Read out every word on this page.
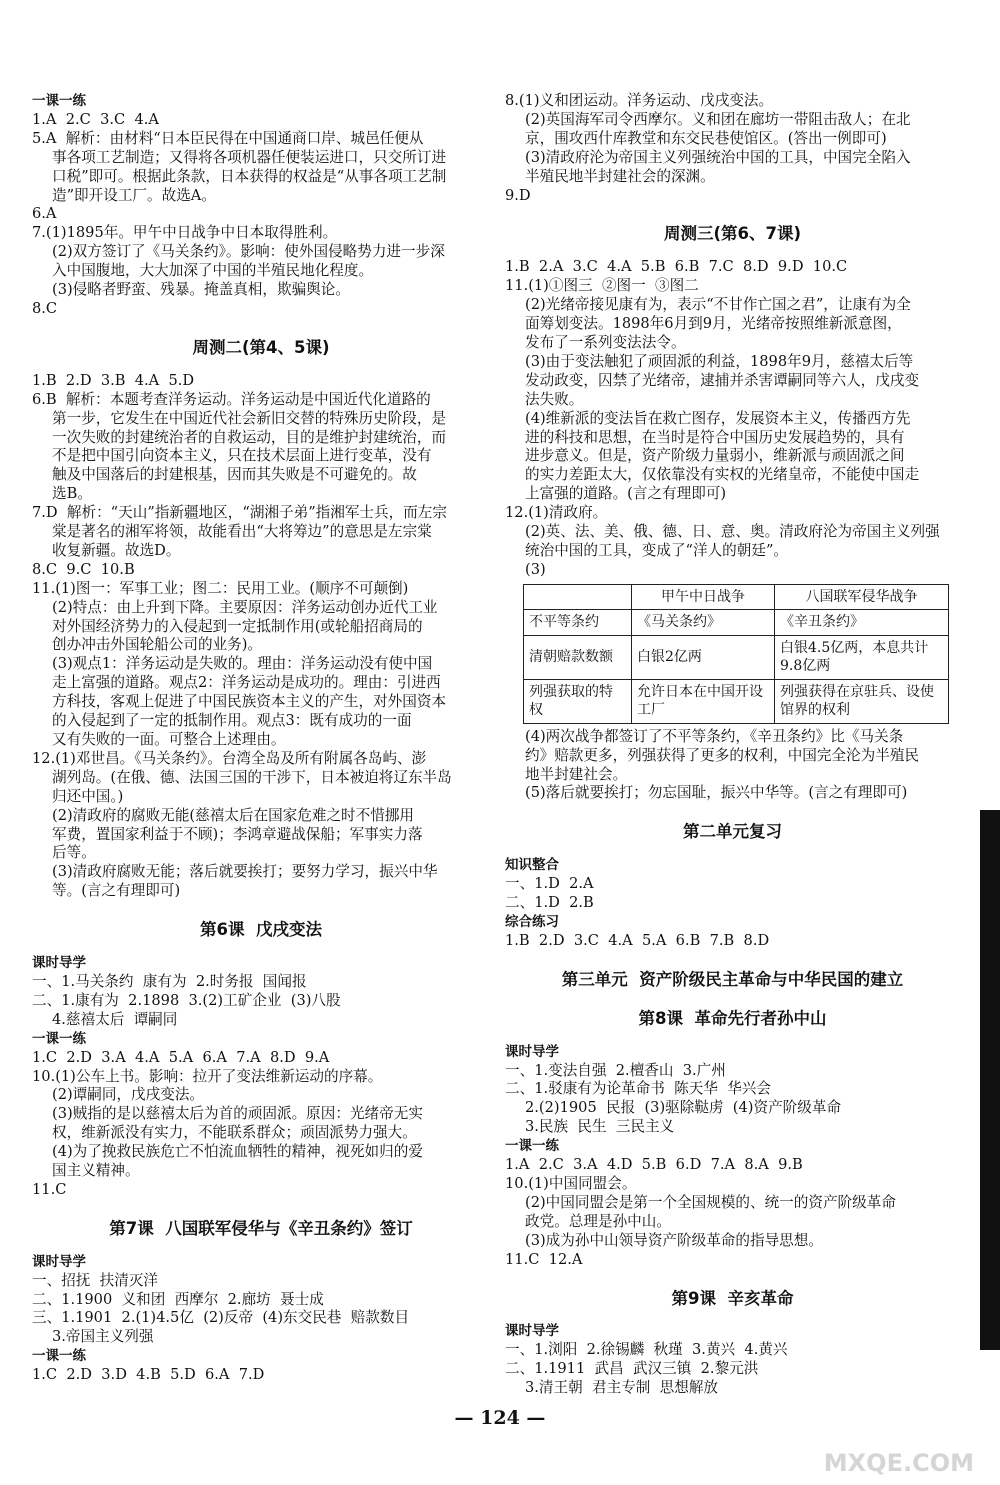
一课一练

1.A  2.C  3.C  4.A

5.A  解析：由材料“日本臣民得在中国通商口岸、城邑任便从

事各项工艺制造；又得将各项机器任便装运进口，只交所订进

口税”即可。根据此条款，日本获得的权益是“从事各项工艺制

造”即开设工厂。故选A。

6.A

7.(1)1895年。甲午中日战争中日本取得胜利。

(2)双方签订了《马关条约》。影响：使外国侵略势力进一步深

入中国腹地，大大加深了中国的半殖民地化程度。

(3)侵略者野蛮、残暴。掩盖真相，欺骗舆论。

8.C

周测二(第4、5课)

1.B  2.D  3.B  4.A  5.D

6.B  解析：本题考查洋务运动。洋务运动是中国近代化道路的

第一步，它发生在中国近代社会新旧交替的特殊历史阶段，是

一次失败的封建统治者的自救运动，目的是维护封建统治，而

不是把中国引向资本主义，只在技术层面上进行变革，没有

触及中国落后的封建根基，因而其失败是不可避免的。故

选B。

7.D  解析：“天山”指新疆地区，“湖湘子弟”指湘军士兵，而左宗

棠是著名的湘军将领，故能看出“大将筹边”的意思是左宗棠

收复新疆。故选D。

8.C  9.C  10.B

11.(1)图一：军事工业；图二：民用工业。(顺序不可颠倒)

(2)特点：由上升到下降。主要原因：洋务运动创办近代工业

对外国经济势力的入侵起到一定抵制作用(或轮船招商局的

创办冲击外国轮船公司的业务)。

(3)观点1：洋务运动是失败的。理由：洋务运动没有使中国

走上富强的道路。观点2：洋务运动是成功的。理由：引进西

方科技，客观上促进了中国民族资本主义的产生，对外国资本

的入侵起到了一定的抵制作用。观点3：既有成功的一面

又有失败的一面。可整合上述理由。

12.(1)邓世昌。《马关条约》。台湾全岛及所有附属各岛屿、澎

湖列岛。(在俄、德、法国三国的干涉下，日本被迫将辽东半岛

归还中国。)

(2)清政府的腐败无能(慈禧太后在国家危难之时不惜挪用

军费，置国家利益于不顾)；李鸿章避战保船；军事实力落

后等。

(3)清政府腐败无能；落后就要挨打；要努力学习，振兴中华

等。(言之有理即可)

第6课  戊戌变法

课时导学

一、1.马关条约  康有为  2.时务报  国闻报

二、1.康有为  2.1898  3.(2)工矿企业  (3)八股

4.慈禧太后  谭嗣同

一课一练

1.C  2.D  3.A  4.A  5.A  6.A  7.A  8.D  9.A

10.(1)公车上书。影响：拉开了变法维新运动的序幕。

(2)谭嗣同，戊戌变法。

(3)贼指的是以慈禧太后为首的顽固派。原因：光绪帝无实

权，维新派没有实力，不能联系群众；顽固派势力强大。

(4)为了挽救民族危亡不怕流血牺牲的精神，视死如归的爱

国主义精神。

11.C

第7课  八国联军侵华与《辛丑条约》签订

课时导学

一、招抚  扶清灭洋

二、1.1900  义和团  西摩尔  2.廊坊  聂士成

三、1.1901  2.(1)4.5亿  (2)反帝  (4)东交民巷  赔款数目

3.帝国主义列强

一课一练

1.C  2.D  3.D  4.B  5.D  6.A  7.D

8.(1)义和团运动。洋务运动、戊戌变法。

(2)英国海军司令西摩尔。义和团在廊坊一带阻击敌人；在北

京，围攻西什库教堂和东交民巷使馆区。(答出一例即可)

(3)清政府沦为帝国主义列强统治中国的工具，中国完全陷入

半殖民地半封建社会的深渊。

9.D

周测三(第6、7课)

1.B  2.A  3.C  4.A  5.B  6.B  7.C  8.D  9.D  10.C

11.(1)①图三  ②图一  ③图二

(2)光绪帝接见康有为，表示“不甘作亡国之君”，让康有为全

面筹划变法。1898年6月到9月，光绪帝按照维新派意图，

发布了一系列变法法令。

(3)由于变法触犯了顽固派的利益，1898年9月，慈禧太后等

发动政变，囚禁了光绪帝，逮捕并杀害谭嗣同等六人，戊戌变

法失败。

(4)维新派的变法旨在救亡图存，发展资本主义，传播西方先

进的科技和思想，在当时是符合中国历史发展趋势的，具有

进步意义。但是，资产阶级力量弱小，维新派与顽固派之间

的实力差距太大，仅依靠没有实权的光绪皇帝，不能使中国走

上富强的道路。(言之有理即可)

12.(1)清政府。

(2)英、法、美、俄、德、日、意、奥。清政府沦为帝国主义列强

统治中国的工具，变成了“洋人的朝廷”。

(3)

	甲午中日战争	八国联军侵华战争
不平等条约	《马关条约》	《辛丑条约》
清朝赔款数额	白银2亿两	白银4.5亿两，本息共计9.8亿两
列强获取的特权	允许日本在中国开设工厂	列强获得在京驻兵、设使馆界的权利

(4)两次战争都签订了不平等条约，《辛丑条约》比《马关条

约》赔款更多，列强获得了更多的权利，中国完全沦为半殖民

地半封建社会。

(5)落后就要挨打；勿忘国耻，振兴中华等。(言之有理即可)

第二单元复习

知识整合

一、1.D  2.A

二、1.D  2.B

综合练习

1.B  2.D  3.C  4.A  5.A  6.B  7.B  8.D

第三单元  资产阶级民主革命与中华民国的建立

第8课  革命先行者孙中山

课时导学

一、1.变法自强  2.檀香山  3.广州

二、1.驳康有为论革命书  陈天华  华兴会

2.(2)1905  民报  (3)驱除鞑虏  (4)资产阶级革命

3.民族  民生  三民主义

一课一练

1.A  2.C  3.A  4.D  5.B  6.D  7.A  8.A  9.B

10.(1)中国同盟会。

(2)中国同盟会是第一个全国规模的、统一的资产阶级革命

政党。总理是孙中山。

(3)成为孙中山领导资产阶级革命的指导思想。

11.C  12.A

第9课  辛亥革命

课时导学

一、1.浏阳  2.徐锡麟  秋瑾  3.黄兴  4.黄兴

二、1.1911  武昌  武汉三镇  2.黎元洪

3.清王朝  君主专制  思想解放

— 124 —
MXQE.COM
